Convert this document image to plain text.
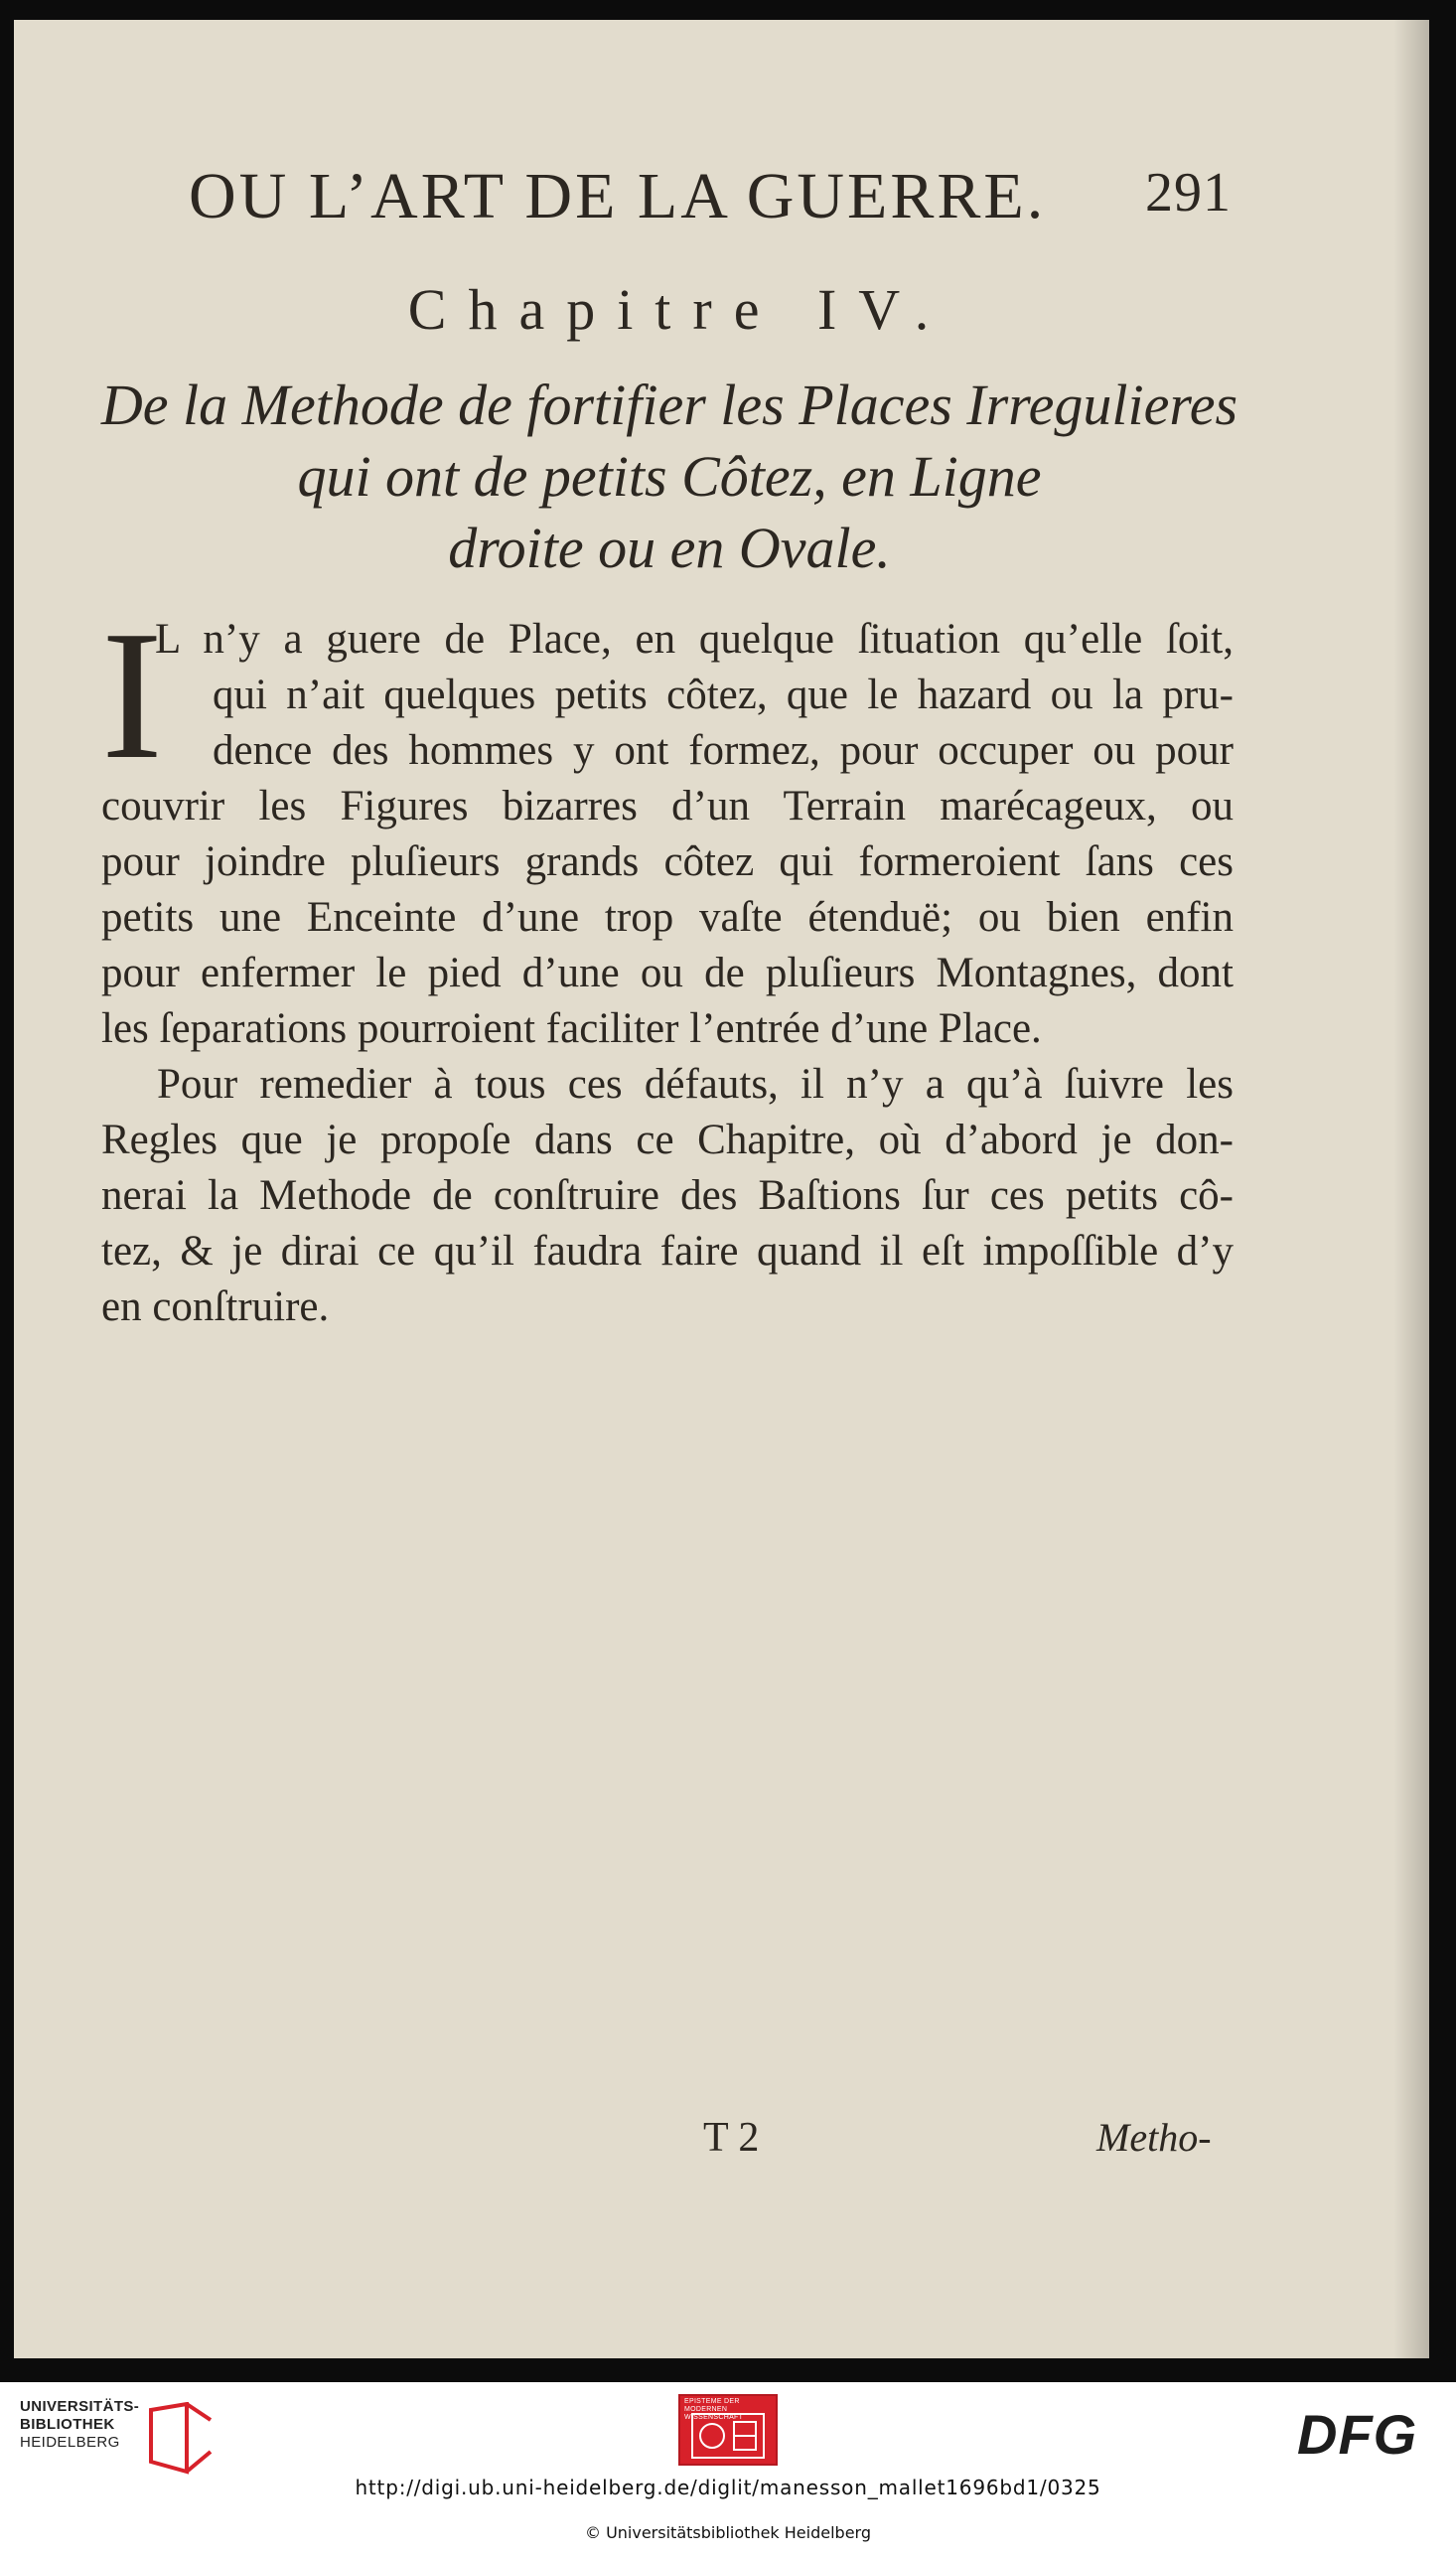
OU L’ART DE LA GUERRE. 291
Chapitre IV.
De la Methode de fortifier les Places Irregulieres
qui ont de petits Côtez, en Ligne
droite ou en Ovale.
I
L n’y a guere de Place, en quelque ſituation qu’elle ſoit,
qui n’ait quelques petits côtez, que le hazard ou la pru-
dence des hommes y ont formez, pour occuper ou pour
couvrir les Figures bizarres d’un Terrain marécageux, ou
pour joindre pluſieurs grands côtez qui formeroient ſans ces
petits une Enceinte d’une trop vaſte étenduë; ou bien enfin
pour enfermer le pied d’une ou de pluſieurs Montagnes, dont
les ſeparations pourroient faciliter l’entrée d’une Place.
Pour remedier à tous ces défauts, il n’y a qu’à ſuivre les
Regles que je propoſe dans ce Chapitre, où d’abord je don-
nerai la Methode de conſtruire des Baſtions ſur ces petits cô-
tez, & je dirai ce qu’il faudra faire quand il eſt impoſſible d’y
en conſtruire.
T 2	Metho-
UNIVERSITÄTS-
BIBLIOTHEK
HEIDELBERG
EPISTEME DER MODERNEN WISSENSCHAFT	DFG
http://digi.ub.uni-heidelberg.de/diglit/manesson_mallet1696bd1/0325
© Universitätsbibliothek Heidelberg
